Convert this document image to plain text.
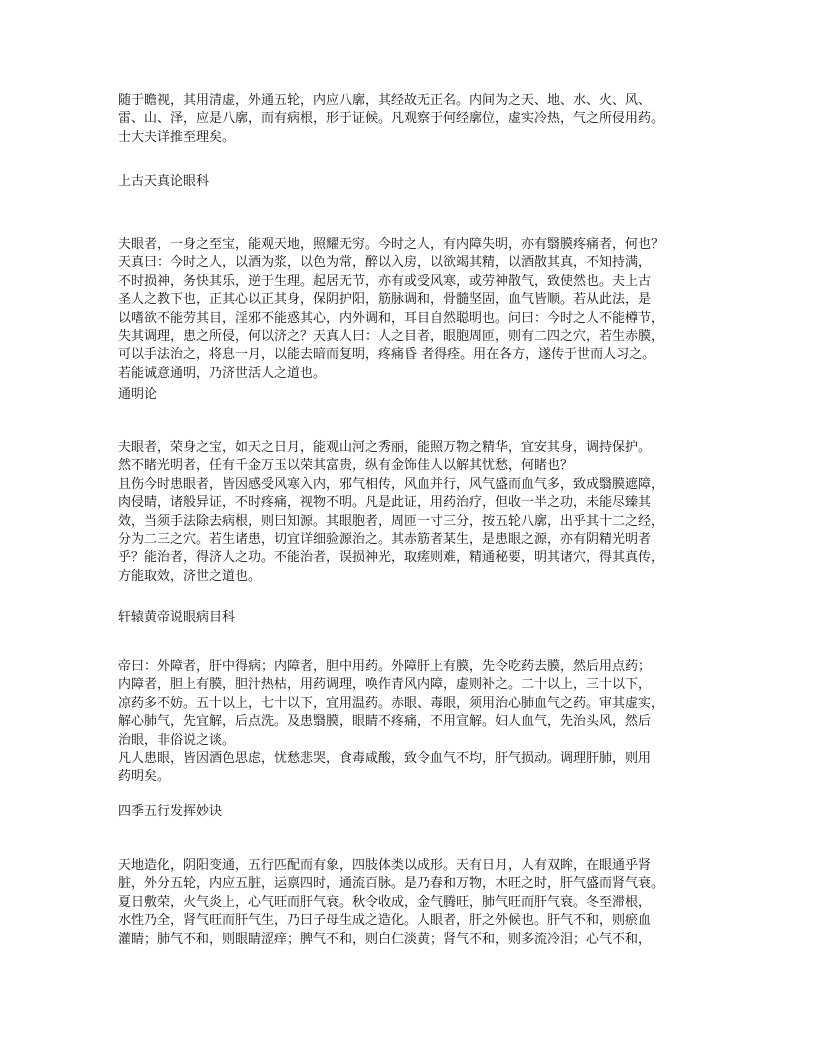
随于瞻视，其用清虚，外通五轮，内应八廓，其经故无正名。内间为之天、地、水、火、风、
雷、山、泽，应是八廓，而有病根，形于证候。凡观察于何经廓位，虚实冷热，气之所侵用药。
士大夫详推至理矣。
上古天真论眼科
夫眼者，一身之至宝，能观天地，照耀无穷。今时之人，有内障失明，亦有翳膜疼痛者，何也？
天真曰：今时之人，以酒为浆，以色为常，醉以入房，以欲竭其精，以酒散其真，不知持满，
不时损神，务快其乐，逆于生理。起居无节，亦有或受风寒，或劳神散气，致使然也。夫上古
圣人之教下也，正其心以正其身，保阴护阳，筋脉调和，骨髓坚固，血气皆顺。若从此法，是
以嗜欲不能劳其目，淫邪不能惑其心，内外调和，耳目自然聪明也。问曰：今时之人不能樽节，
失其调理，患之所侵，何以济之？天真人曰：人之目者，眼胞周匝，则有二四之穴，若生赤膜，
可以手法治之，将息一月，以能去暗而复明，疼痛昏 者得痊。用在各方，遂传于世而人习之。
若能诚意通明，乃济世活人之道也。
通明论
夫眼者，荣身之宝，如天之日月，能观山河之秀丽，能照万物之精华，宜安其身，调持保护。
然不睹光明者，任有千金万玉以荣其富贵，纵有金饰佳人以解其忧愁，何睹也？
且伤今时患眼者，皆因感受风寒入内，邪气相传，风血并行，风气盛而血气多，致成翳膜遮障，
肉侵睛，诸般异证，不时疼痛，视物不明。凡是此证，用药治疗，但收一半之功，未能尽臻其
效，当须手法除去病根，则曰知源。其眼胞者，周匝一寸三分，按五轮八廓，出乎其十二之经，
分为二三之穴。若生诸患，切宜详细验源治之。其赤筋者某生，是患眼之源，亦有阴精光明者
乎？能治者，得济人之功。不能治者，误损神光，取瘥则难，精通秘要，明其诸穴，得其真传，
方能取效，济世之道也。
轩辕黄帝说眼病目科
帝曰：外障者，肝中得病；内障者，胆中用药。外障肝上有膜，先令吃药去膜，然后用点药；
内障者，胆上有膜，胆汁热枯，用药调理，唤作青风内障，虚则补之。二十以上，三十以下，
凉药多不妨。五十以上，七十以下，宜用温药。赤眼、毒眼，须用治心肺血气之药。审其虚实，
解心肺气，先宜解，后点洗。及患翳膜，眼睛不疼痛，不用宣解。妇人血气，先治头风，然后
治眼，非俗说之谈。
凡人患眼，皆因酒色思虑，忧愁悲哭，食毒咸酸，致令血气不均，肝气损动。调理肝肺，则用
药明矣。
四季五行发挥妙诀
天地造化，阴阳变通，五行匹配而有象，四肢体类以成形。天有日月，人有双眸，在眼通乎肾
脏，外分五轮，内应五脏，运禀四时，通流百脉。是乃春和万物，木旺之时，肝气盛而肾气衰。
夏日敷荣，火气炎上，心气旺而肝气衰。秋令收成，金气腾旺，肺气旺而肝气衰。冬至滞根，
水性乃全，肾气旺而肝气生，乃曰子母生成之造化。人眼者，肝之外候也。肝气不和，则瘀血
灌睛；肺气不和，则眼睛涩痒；脾气不和，则白仁淡黄；肾气不和，则多流冷泪；心气不和，
